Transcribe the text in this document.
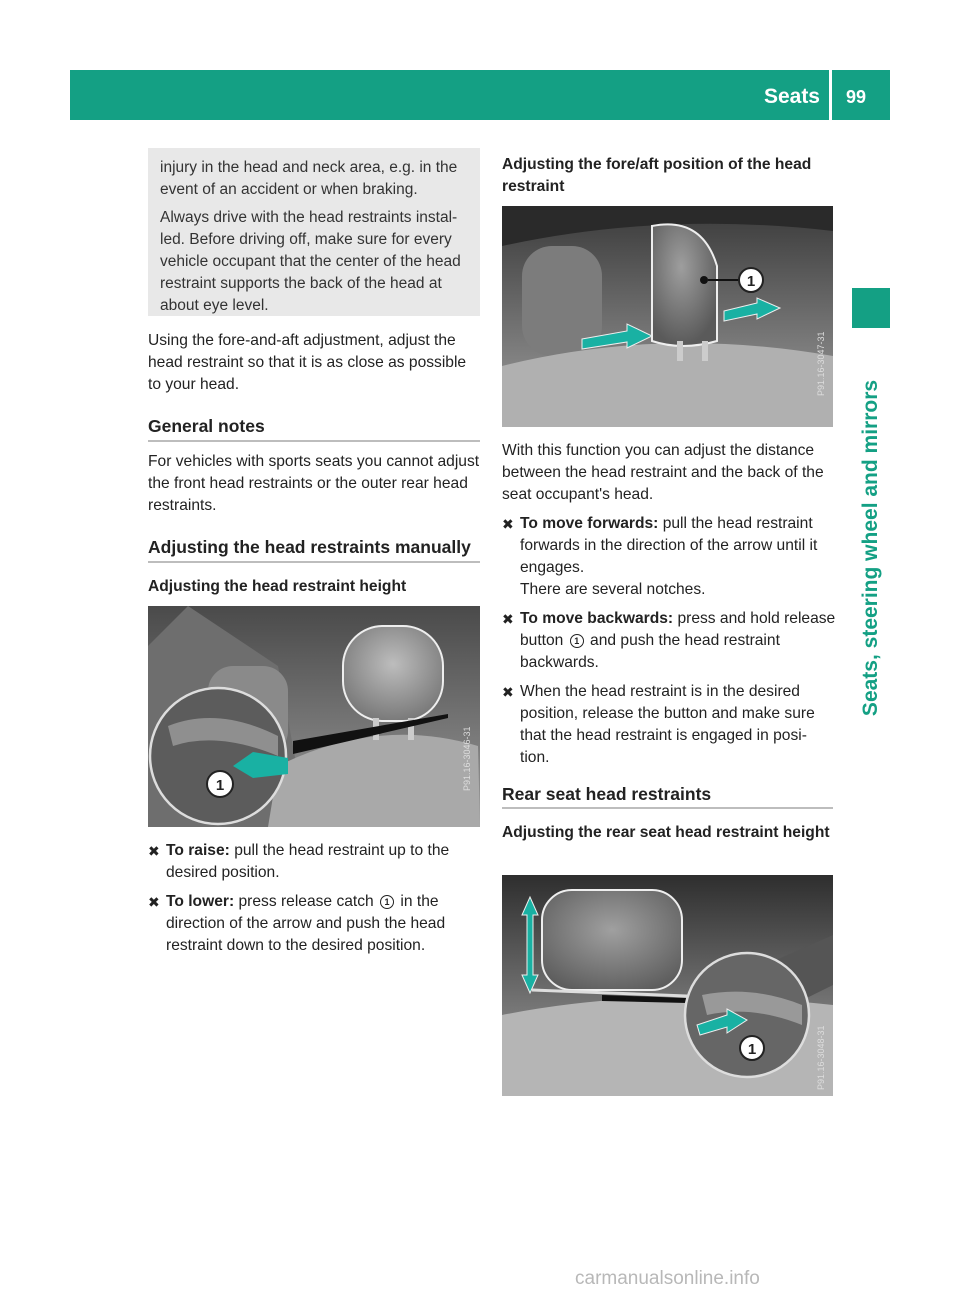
Seats 99
Seats, steering wheel and mirrors

injury in the head and neck area, e.g. in the event of an accident or when braking.

Always drive with the head restraints instal- led. Before driving off, make sure for every vehicle occupant that the center of the head restraint supports the back of the head at about eye level.

Using the fore-and-aft adjustment, adjust the head restraint so that it is as close as possible to your head.

General notes

For vehicles with sports seats you cannot adjust the front head restraints or the outer rear head restraints.

Adjusting the head restraints manually
Adjusting the head restraint height
1	P91.16-3046-31
✖ To raise: pull the head restraint up to the desired position.
✖ To lower: press release catch 1 in the direction of the arrow and push the head restraint down to the desired position.
Adjusting the fore/aft position of the head restraint
1
P91.16-3047-31

With this function you can adjust the distance between the head restraint and the back of the seat occupant's head.

✖ To move forwards: pull the head restraint forwards in the direction of the arrow until it engages.
There are several notches.
✖ To move backwards: press and hold release button 1 and push the head restraint backwards.
✖ When the head restraint is in the desired position, release the button and make sure that the head restraint is engaged in posi- tion.
Rear seat head restraints
Adjusting the rear seat head restraint height
1	P91.16-3048-31
carmanualsonline.info
